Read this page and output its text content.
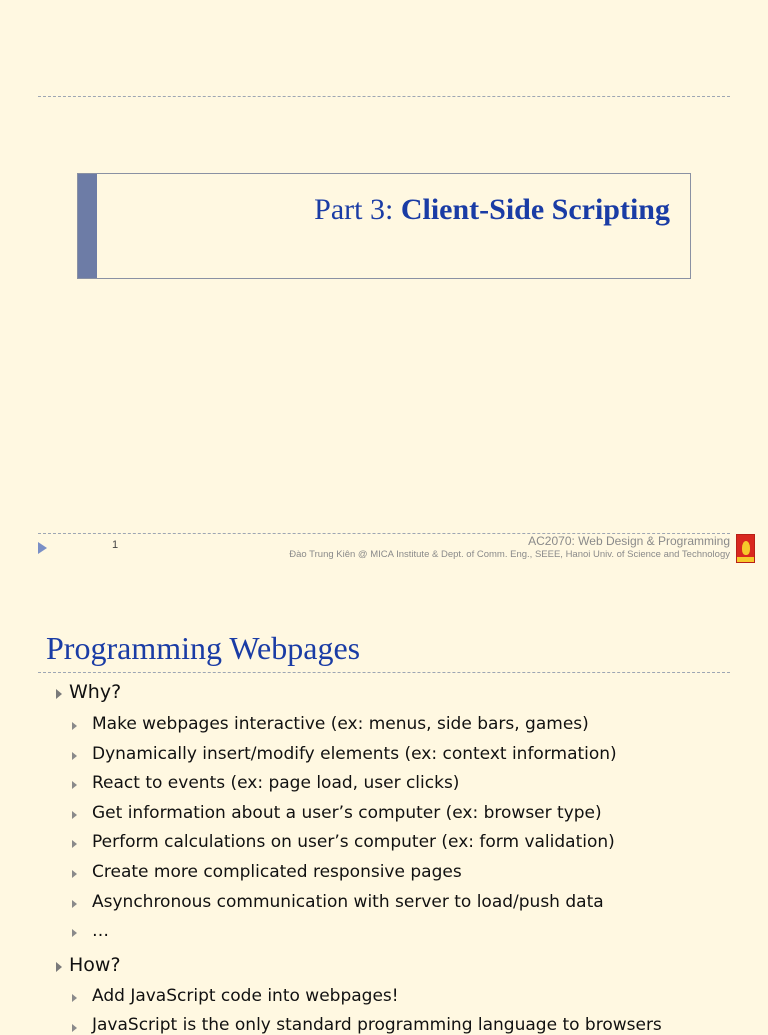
Part 3: Client-Side Scripting
1	AC2070: Web Design & Programming
Đào Trung Kiên @ MICA Institute & Dept. of Comm. Eng., SEEE, Hanoi Univ. of Science and Technology
Programming Webpages
Why?
Make webpages interactive (ex: menus, side bars, games)
Dynamically insert/modify elements (ex: context information)
React to events (ex: page load, user clicks)
Get information about a user’s computer (ex: browser type)
Perform calculations on user’s computer (ex: form validation)
Create more complicated responsive pages
Asynchronous communication with server to load/push data
…
How?
Add JavaScript code into webpages!
JavaScript is the only standard programming language to browsers
